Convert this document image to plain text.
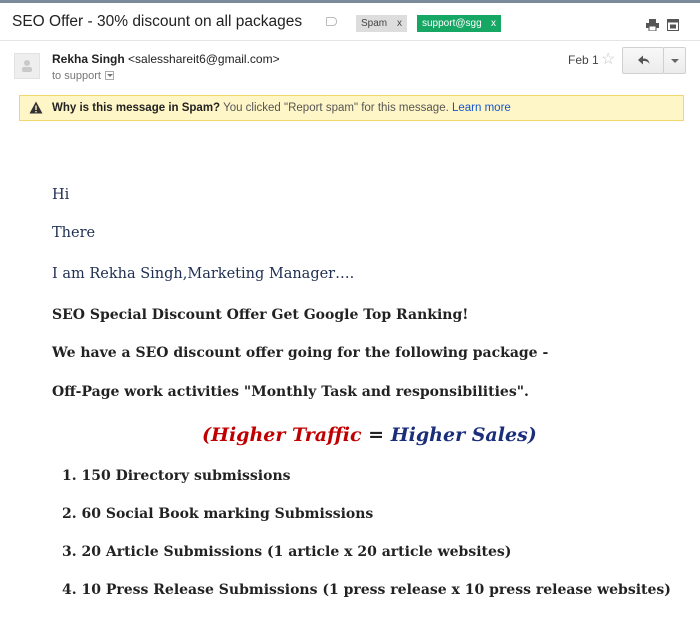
SEO Offer - 30% discount on all packages	Spam x	support@sgg x
Rekha Singh <salesshareit6@gmail.com>
to support
Feb 1 ☆
Why is this message in Spam? You clicked "Report spam" for this message. Learn more
Hi
There
I am Rekha Singh,Marketing Manager….
SEO Special Discount Offer Get Google Top Ranking!
We have a SEO discount offer going for the following package -
Off-Page work activities "Monthly Task and responsibilities".
(Higher Traffic = Higher Sales)
1. 150 Directory submissions
2. 60 Social Book marking Submissions
3. 20 Article Submissions (1 article x 20 article websites)
4. 10 Press Release Submissions (1 press release x 10 press release websites)
